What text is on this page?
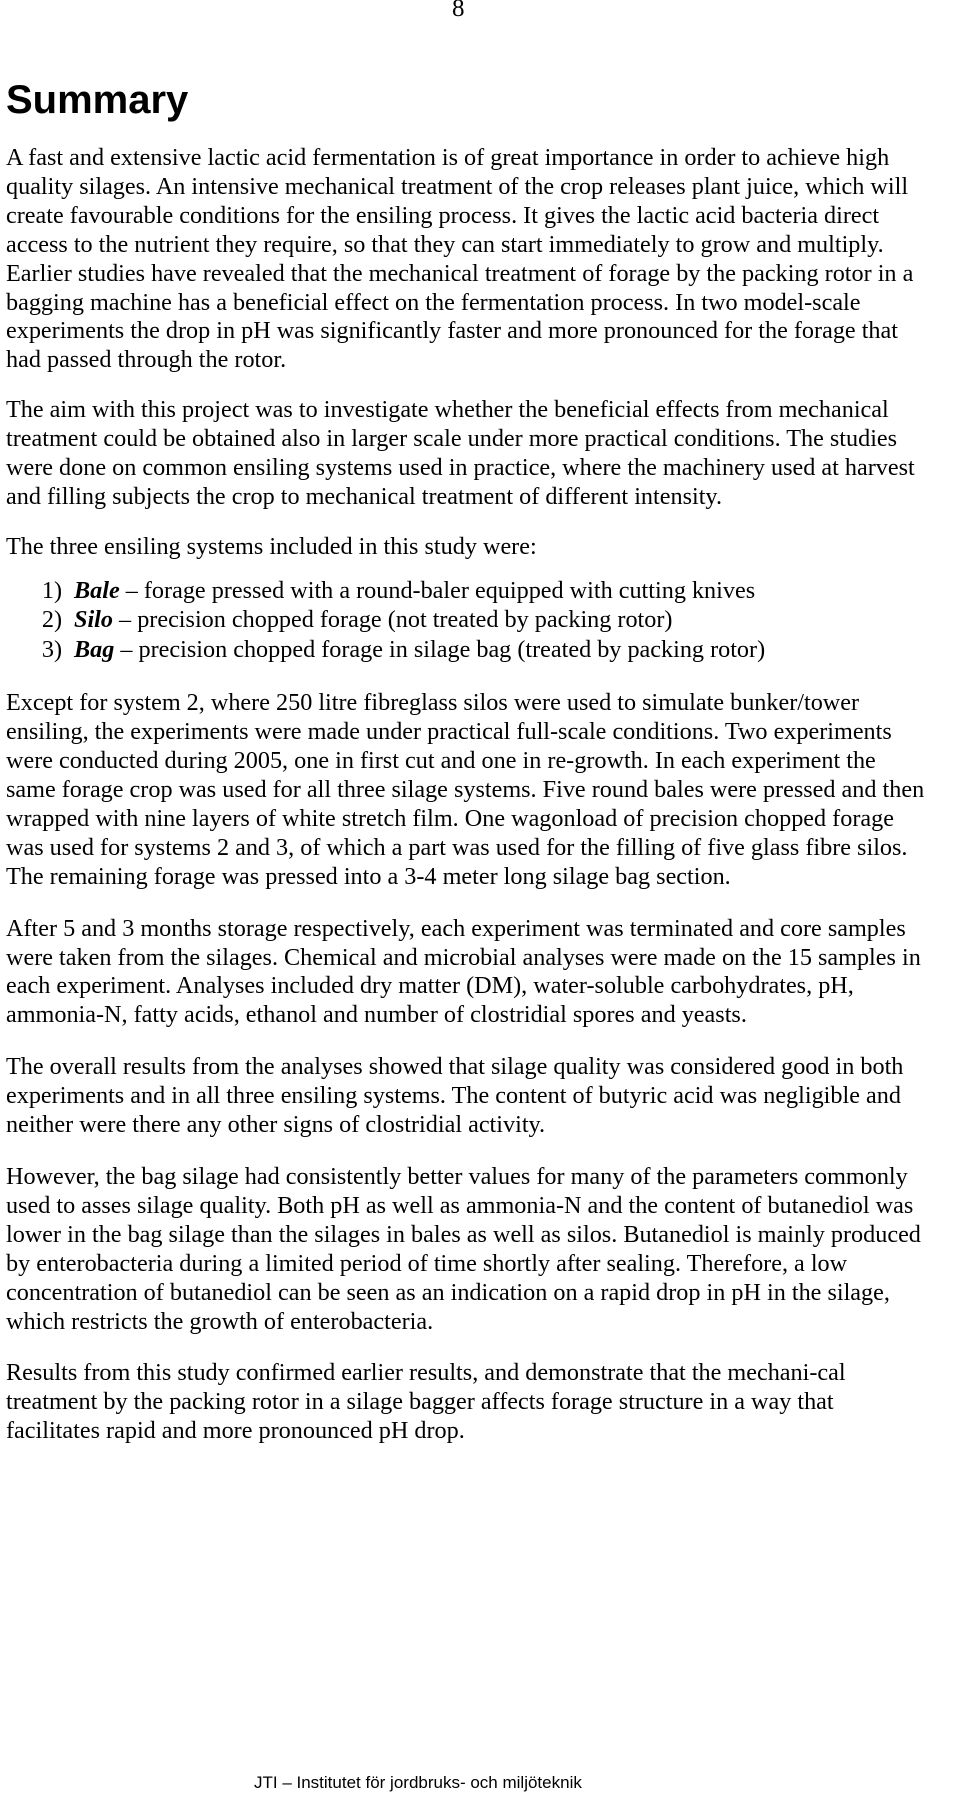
8
Summary

A fast and extensive lactic acid fermentation is of great importance in order to achieve high quality silages. An intensive mechanical treatment of the crop releases plant juice, which will create favourable conditions for the ensiling process. It gives the lactic acid bacteria direct access to the nutrient they require, so that they can start immediately to grow and multiply. Earlier studies have revealed that the mechanical treatment of forage by the packing rotor in a bagging machine has a beneficial effect on the fermentation process. In two model-scale experiments the drop in pH was significantly faster and more pronounced for the forage that had passed through the rotor.

The aim with this project was to investigate whether the beneficial effects from mechanical treatment could be obtained also in larger scale under more practical conditions. The studies were done on common ensiling systems used in practice, where the machinery used at harvest and filling subjects the crop to mechanical treatment of different intensity.

The three ensiling systems included in this study were:

1) Bale – forage pressed with a round-baler equipped with cutting knives
2) Silo – precision chopped forage (not treated by packing rotor)
3) Bag – precision chopped forage in silage bag (treated by packing rotor)

Except for system 2, where 250 litre fibreglass silos were used to simulate bunker/tower ensiling, the experiments were made under practical full-scale conditions. Two experiments were conducted during 2005, one in first cut and one in re-growth. In each experiment the same forage crop was used for all three silage systems. Five round bales were pressed and then wrapped with nine layers of white stretch film. One wagonload of precision chopped forage was used for systems 2 and 3, of which a part was used for the filling of five glass fibre silos. The remaining forage was pressed into a 3-4 meter long silage bag section.

After 5 and 3 months storage respectively, each experiment was terminated and core samples were taken from the silages. Chemical and microbial analyses were made on the 15 samples in each experiment. Analyses included dry matter (DM), water-soluble carbohydrates, pH, ammonia-N, fatty acids, ethanol and number of clostridial spores and yeasts.

The overall results from the analyses showed that silage quality was considered good in both experiments and in all three ensiling systems. The content of butyric acid was negligible and neither were there any other signs of clostridial activity.

However, the bag silage had consistently better values for many of the parameters commonly used to asses silage quality. Both pH as well as ammonia-N and the content of butanediol was lower in the bag silage than the silages in bales as well as silos. Butanediol is mainly produced by enterobacteria during a limited period of time shortly after sealing. Therefore, a low concentration of butanediol can be seen as an indication on a rapid drop in pH in the silage, which restricts the growth of enterobacteria.

Results from this study confirmed earlier results, and demonstrate that the mechani-cal treatment by the packing rotor in a silage bagger affects forage structure in a way that facilitates rapid and more pronounced pH drop.

JTI – Institutet för jordbruks- och miljöteknik
